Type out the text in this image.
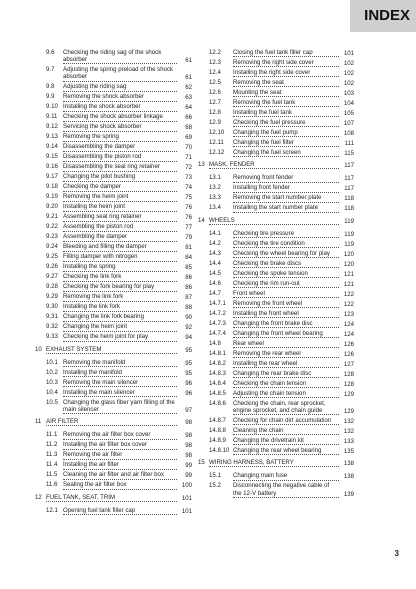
INDEX
9.6	Checking the riding sag of the shock absorber	61
9.7	Adjusting the spring preload of the shock absorber	61
9.8	Adjusting the riding sag	62
9.9	Removing the shock absorber	63
9.10 Installing the shock absorber	64
9.11 Checking the shock absorber linkage	66
9.12 Servicing the shock absorber	68
9.13 Removing the spring	69
9.14 Disassembling the damper	70
9.15 Disassembling the piston rod	71
9.16 Disassembling the seal ring retainer	72
9.17 Changing the pilot bushing	73
9.18 Checking the damper	74
9.19 Removing the heim joint	75
9.20 Installing the heim joint	76
9.21 Assembling seal ring retainer	76
9.22 Assembling the piston rod	77
9.23 Assembling the damper	79
9.24 Bleeding and filling the damper	81
9.25 Filling damper with nitrogen	84
9.26 Installing the spring	85
9.27 Checking the link fork	86
9.28 Checking the fork bearing for play	86
9.29 Removing the link fork	87
9.30 Installing the link fork	88
9.31 Changing the link fork bearing	90
9.32 Changing the heim joint	92
9.33 Checking the heim joint for play	94
10 EXHAUST SYSTEM	95
10.1 Removing the manifold	95
10.2 Installing the manifold	95
10.3 Removing the main silencer	96
10.4 Installing the main silencer	96
10.5 Changing the glass fiber yarn filling of the main silencer	97
11 AIR FILTER	98
11.1 Removing the air filter box cover	98
11.2 Installing the air filter box cover	98
11.3 Removing the air filter	98
11.4 Installing the air filter	99
11.5 Cleaning the air filter and air filter box	99
11.6 Sealing the air filter box	100
12 FUEL TANK, SEAT, TRIM	101
12.1 Opening fuel tank filler cap	101
12.2	Closing the fuel tank filler cap	101
12.3	Removing the right side cover	102
12.4	Installing the right side cover	102
12.5	Removing the seat	102
12.6	Mounting the seat	103
12.7	Removing the fuel tank	104
12.8	Installing the fuel tank	105
12.9	Checking the fuel pressure	107
12.10	Changing the fuel pump	108
12.11	Changing the fuel filter	111
12.12	Changing the fuel screen	115
13 MASK, FENDER	117
13.1	Removing front fender	117
13.2	Installing front fender	117
13.3	Removing the start number plate	118
13.4	Installing the start number plate	118
14 WHEELS	119
14.1	Checking tire pressure	119
14.2	Checking the tire condition	119
14.3	Checking the wheel bearing for play	120
14.4	Checking the brake discs	120
14.5	Checking the spoke tension	121
14.6	Checking the rim run-out	121
14.7	Front wheel	122
14.7.1	Removing the front wheel	122
14.7.2	Installing the front wheel	123
14.7.3	Changing the front brake disc	124
14.7.4	Changing the front wheel bearing	124
14.8	Rear wheel	126
14.8.1	Removing the rear wheel	126
14.8.2	Installing the rear wheel	127
14.8.3	Changing the rear brake disc	128
14.8.4	Checking the chain tension	128
14.8.5	Adjusting the chain tension	129
14.8.6	Checking the chain, rear sprocket, engine sprocket, and chain guide	129
14.8.7	Checking for chain dirt accumulation	132
14.8.8	Cleaning the chain	132
14.8.9	Changing the drivetrain kit	133
14.8.10 Changing the rear wheel bearing	135
15 WIRING HARNESS, BATTERY	138
15.1	Changing main fuse	138
15.2	Disconnecting the negative cable of the 12-V battery	139
3
